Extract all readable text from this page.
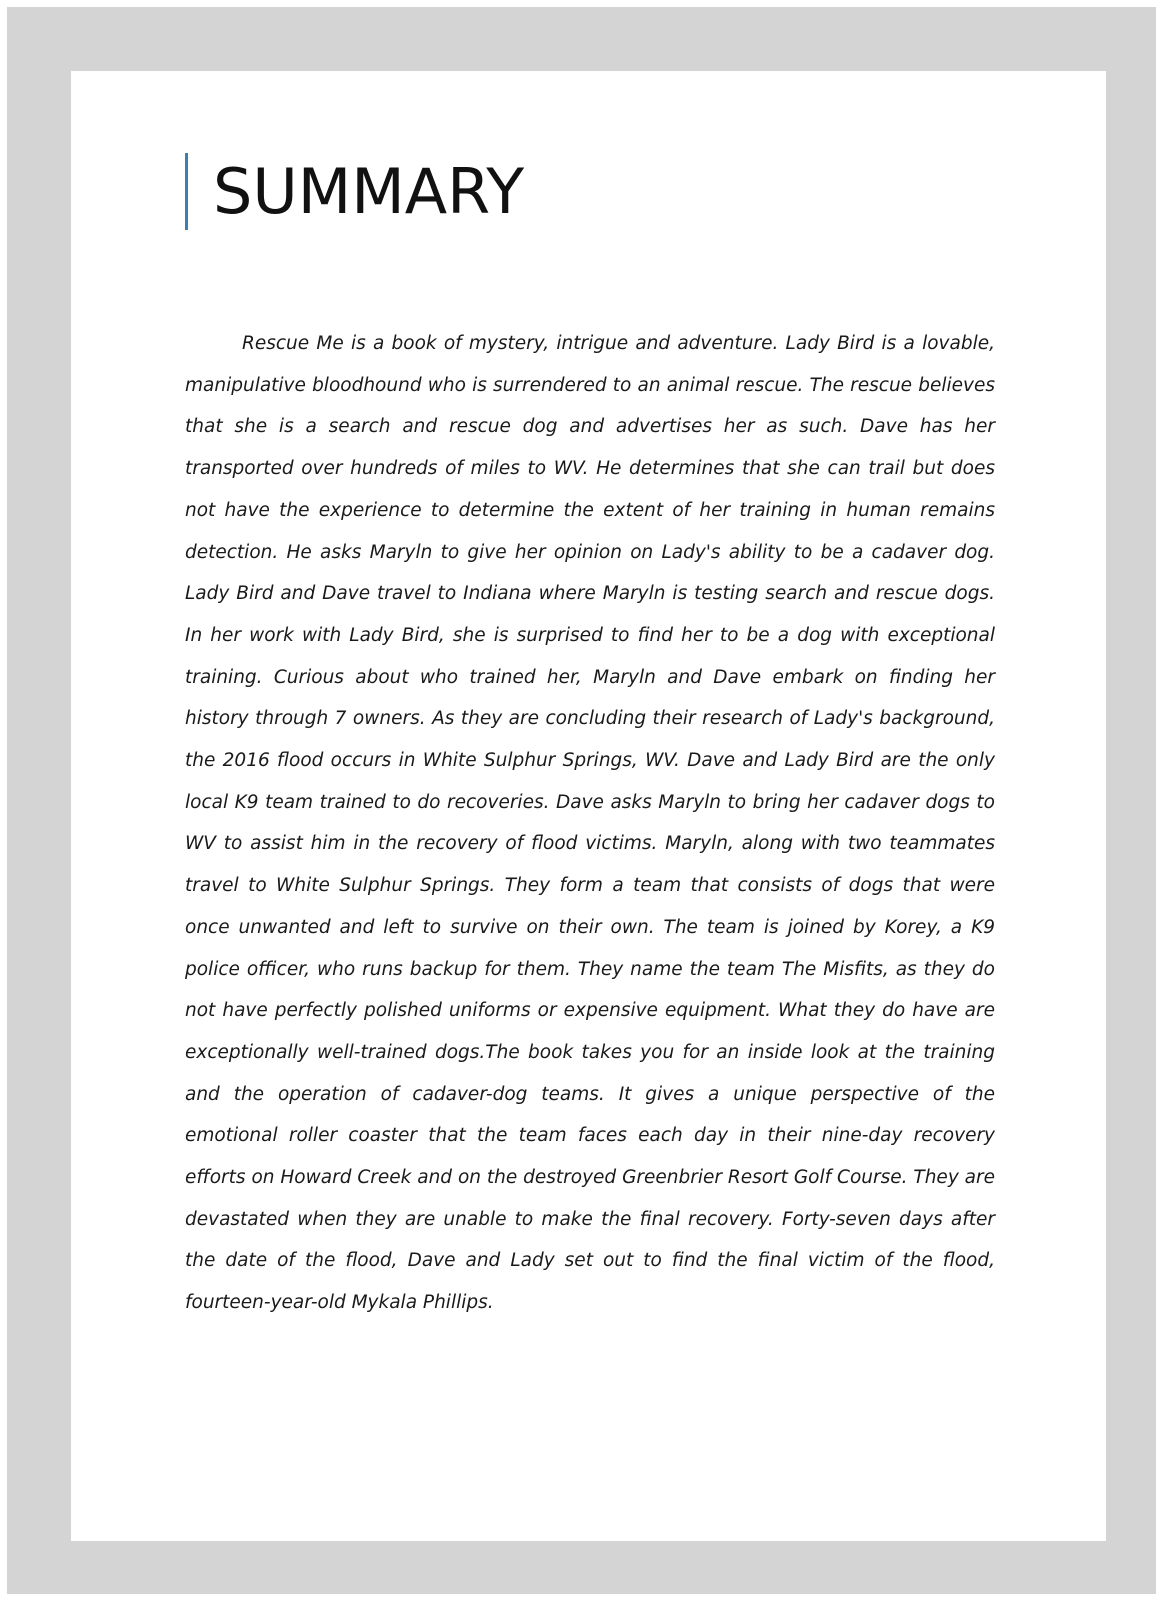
SUMMARY

Rescue Me is a book of mystery, intrigue and adventure. Lady Bird is a lovable, manipulative bloodhound who is surrendered to an animal rescue. The rescue believes that she is a search and rescue dog and advertises her as such. Dave has her transported over hundreds of miles to WV. He determines that she can trail but does not have the experience to determine the extent of her training in human remains detection. He asks Maryln to give her opinion on Lady's ability to be a cadaver dog. Lady Bird and Dave travel to Indiana where Maryln is testing search and rescue dogs. In her work with Lady Bird, she is surprised to find her to be a dog with exceptional training. Curious about who trained her, Maryln and Dave embark on finding her history through 7 owners. As they are concluding their research of Lady's background, the 2016 flood occurs in White Sulphur Springs, WV. Dave and Lady Bird are the only local K9 team trained to do recoveries. Dave asks Maryln to bring her cadaver dogs to WV to assist him in the recovery of flood victims. Maryln, along with two teammates travel to White Sulphur Springs. They form a team that consists of dogs that were once unwanted and left to survive on their own. The team is joined by Korey, a K9 police officer, who runs backup for them. They name the team The Misfits, as they do not have perfectly polished uniforms or expensive equipment. What they do have are exceptionally well-trained dogs.The book takes you for an inside look at the training and the operation of cadaver-dog teams. It gives a unique perspective of the emotional roller coaster that the team faces each day in their nine-day recovery efforts on Howard Creek and on the destroyed Greenbrier Resort Golf Course. They are devastated when they are unable to make the final recovery. Forty-seven days after the date of the flood, Dave and Lady set out to find the final victim of the flood, fourteen-year-old Mykala Phillips.
